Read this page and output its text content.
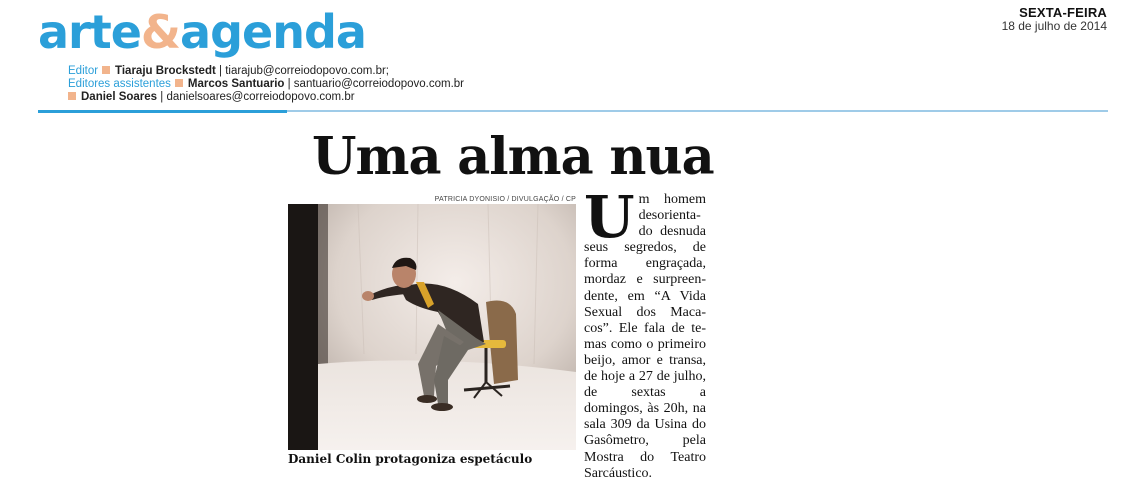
arte&agenda	SEXTA-FEIRA
18 de julho de 2014
Editor Tiaraju Brockstedt | tiarajub@correiodopovo.com.br;
Editores assistentes Marcos Santuario | santuario@correiodopovo.com.br
Daniel Soares | danielsoares@correiodopovo.com.br
Uma alma nua
PATRICIA DYONISIO / DIVULGAÇÃO / CP

Daniel Colin protagoniza espetáculo

Um homem desorientado desnuda seus segredos, de forma engraçada, mordaz e surpreendente, em “A Vida Sexual dos Macacos”. Ele fala de temas como o primeiro beijo, amor e transa, de hoje a 27 de julho, de sextas a domingos, às 20h, na sala 309 da Usina do Gasômetro, pela Mostra do Teatro Sarcáustico.
